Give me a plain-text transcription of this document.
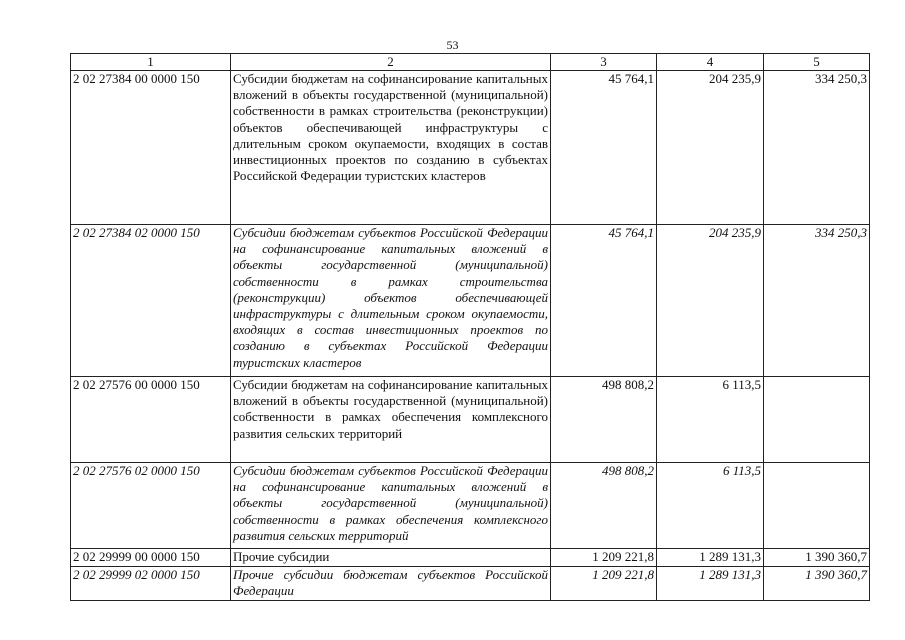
53
1	2	3	4	5
2 02 27384 00 0000 150	Субсидии бюджетам на софинансирование капитальных вложений в объекты государственной (муниципальной) собственности в рамках строительства (реконструкции) объектов обеспечивающей инфраструктуры с длительным сроком окупаемости, входящих в состав инвестиционных проектов по созданию в субъектах Российской Федерации туристских кластеров	45 764,1	204 235,9	334 250,3
2 02 27384 02 0000 150	Субсидии бюджетам субъектов Российской Федерации на софинансирование капитальных вложений в объекты государственной (муниципальной) собственности в рамках строительства (реконструкции) объектов обеспечивающей инфраструктуры с длительным сроком окупаемости, входящих в состав инвестиционных проектов по созданию в субъектах Российской Федерации туристских кластеров	45 764,1	204 235,9	334 250,3
2 02 27576 00 0000 150	Субсидии бюджетам на софинансирование капитальных вложений в объекты государственной (муниципальной) собственности в рамках обеспечения комплексного развития сельских территорий	498 808,2	6 113,5	
2 02 27576 02 0000 150	Субсидии бюджетам субъектов Российской Федерации на софинансирование капитальных вложений в объекты государственной (муниципальной) собственности в рамках обеспечения комплексного развития сельских территорий	498 808,2	6 113,5	
2 02 29999 00 0000 150	Прочие субсидии	1 209 221,8	1 289 131,3	1 390 360,7
2 02 29999 02 0000 150	Прочие субсидии бюджетам субъектов Российской Федерации	1 209 221,8	1 289 131,3	1 390 360,7
